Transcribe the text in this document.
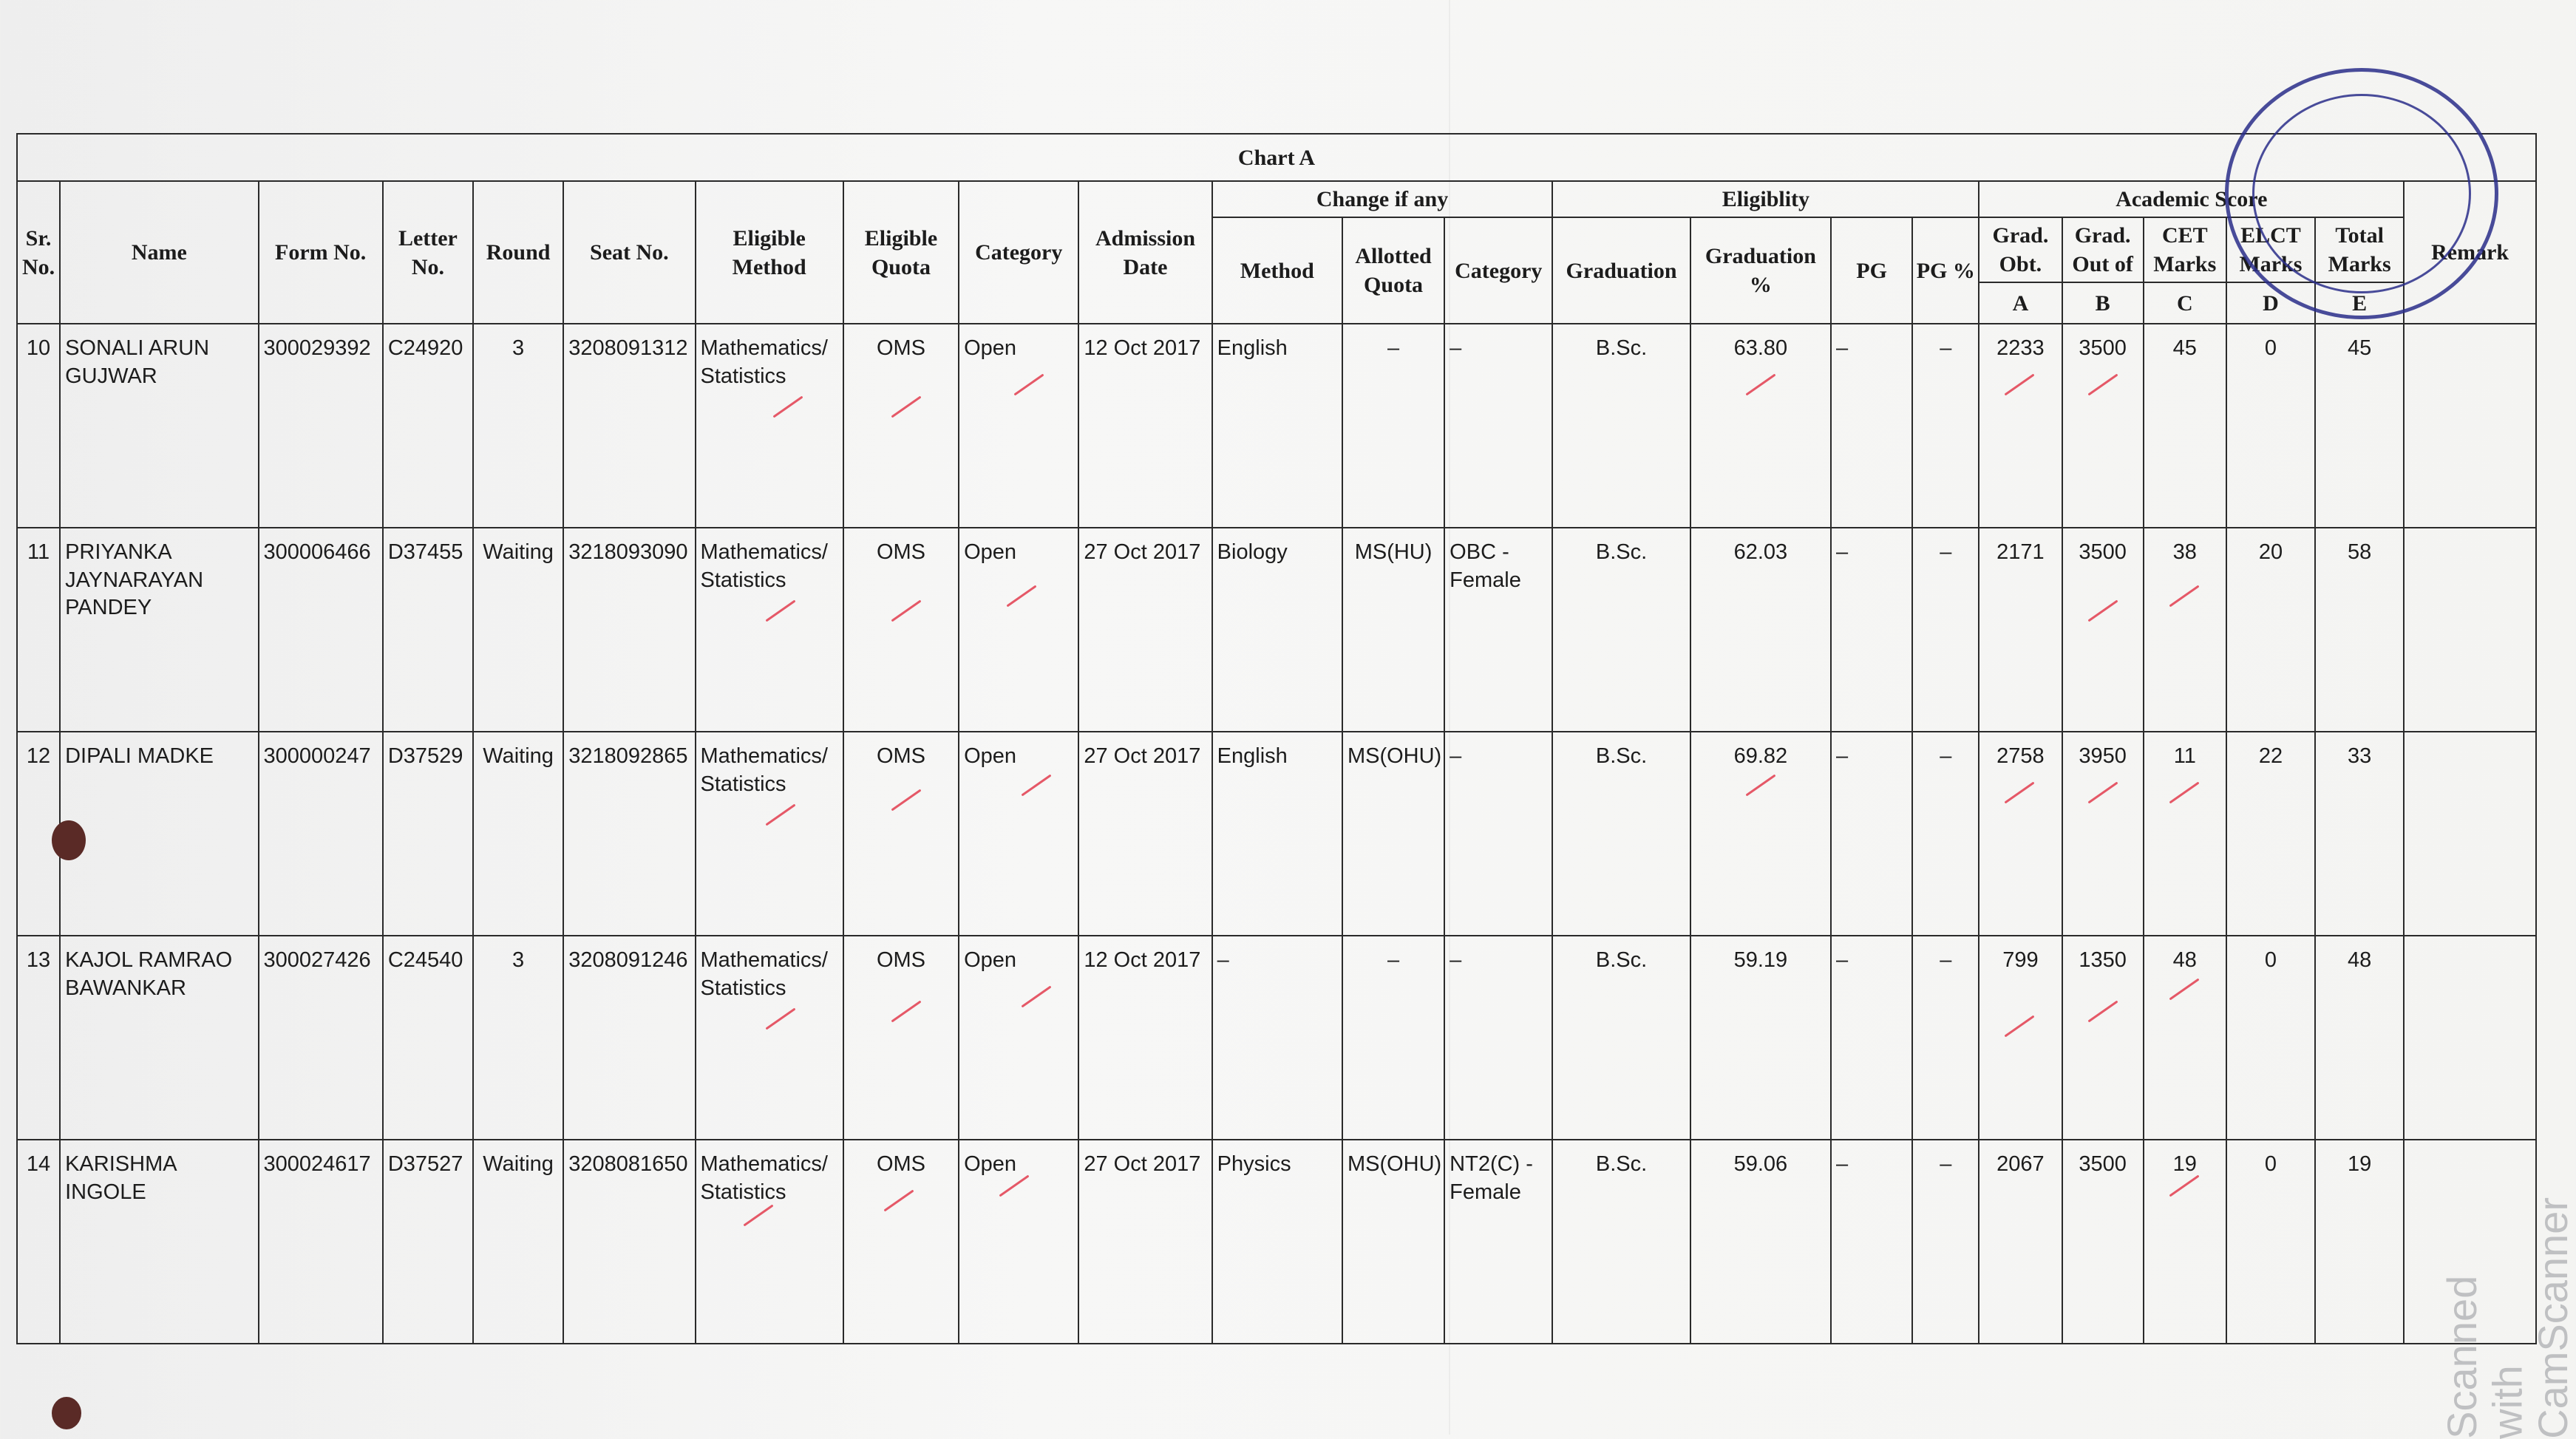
Chart A																						
Sr. No.	Name	Form No.	Letter No.	Round	Seat No.	Eligible Method	Eligible Quota	Category	Admission Date	Change if any			Eligiblity				Academic Score					Remark
										Method	Allotted Quota	Category	Graduation	Graduation %	PG	PG %	Grad. Obt.	Grad. Out of	CET Marks	ELCT Marks	Total Marks	
																	A	B	C	D	E	
10	SONALI ARUN GUJWAR	300029392	C24920	3	3208091312	Mathematics/ Statistics	OMS	Open	12 Oct 2017	English	–	–	B.Sc.	63.80	–	–	2233	3500	45	0	45	
11	PRIYANKA JAYNARAYAN PANDEY	300006466	D37455	Waiting	3218093090	Mathematics/ Statistics	OMS	Open	27 Oct 2017	Biology	MS(HU)	OBC - Female	B.Sc.	62.03	–	–	2171	3500	38	20	58	
12	DIPALI MADKE	300000247	D37529	Waiting	3218092865	Mathematics/ Statistics	OMS	Open	27 Oct 2017	English	MS(OHU)	–	B.Sc.	69.82	–	–	2758	3950	11	22	33	
13	KAJOL RAMRAO BAWANKAR	300027426	C24540	3	3208091246	Mathematics/ Statistics	OMS	Open	12 Oct 2017	–	–	–	B.Sc.	59.19	–	–	799	1350	48	0	48	
14	KARISHMA INGOLE	300024617	D37527	Waiting	3208081650	Mathematics/ Statistics	OMS	Open	27 Oct 2017	Physics	MS(OHU)	NT2(C) - Female	B.Sc.	59.06	–	–	2067	3500	19	0	19	
Scanned with CamScanner
